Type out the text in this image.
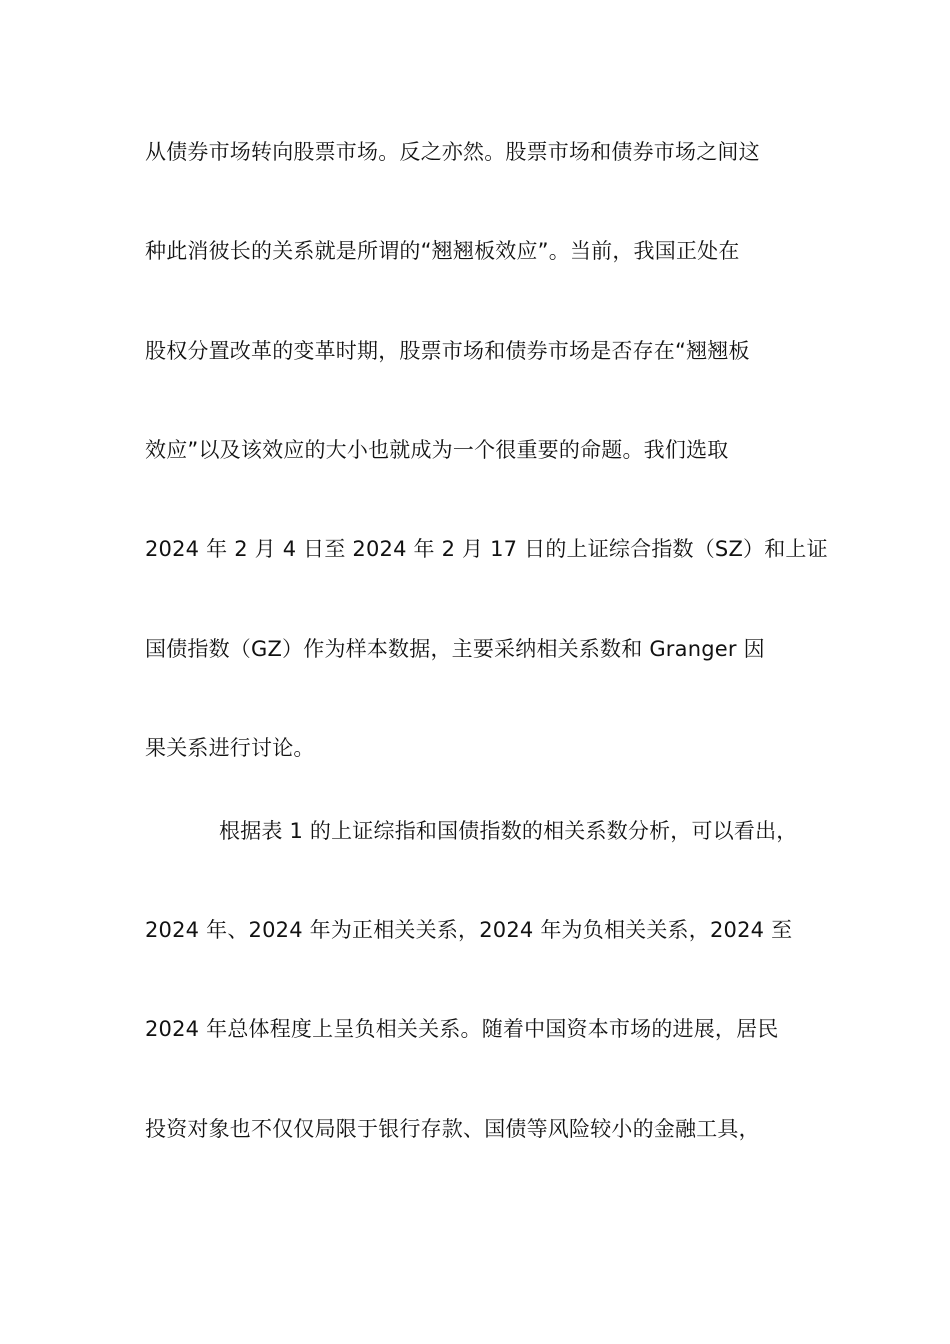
从债券市场转向股票市场。反之亦然。股票市场和债券市场之间这
种此消彼长的关系就是所谓的“翘翘板效应”。当前，我国正处在
股权分置改革的变革时期，股票市场和债券市场是否存在“翘翘板
效应”以及该效应的大小也就成为一个很重要的命题。我们选取
2024 年 2 月 4 日至 2024 年 2 月 17 日的上证综合指数（SZ）和上证
国债指数（GZ）作为样本数据，主要采纳相关系数和 Granger 因
果关系进行讨论。
根据表 1 的上证综指和国债指数的相关系数分析，可以看出，
2024 年、2024 年为正相关关系，2024 年为负相关关系，2024 至
2024 年总体程度上呈负相关关系。随着中国资本市场的进展，居民
投资对象也不仅仅局限于银行存款、国债等风险较小的金融工具，
